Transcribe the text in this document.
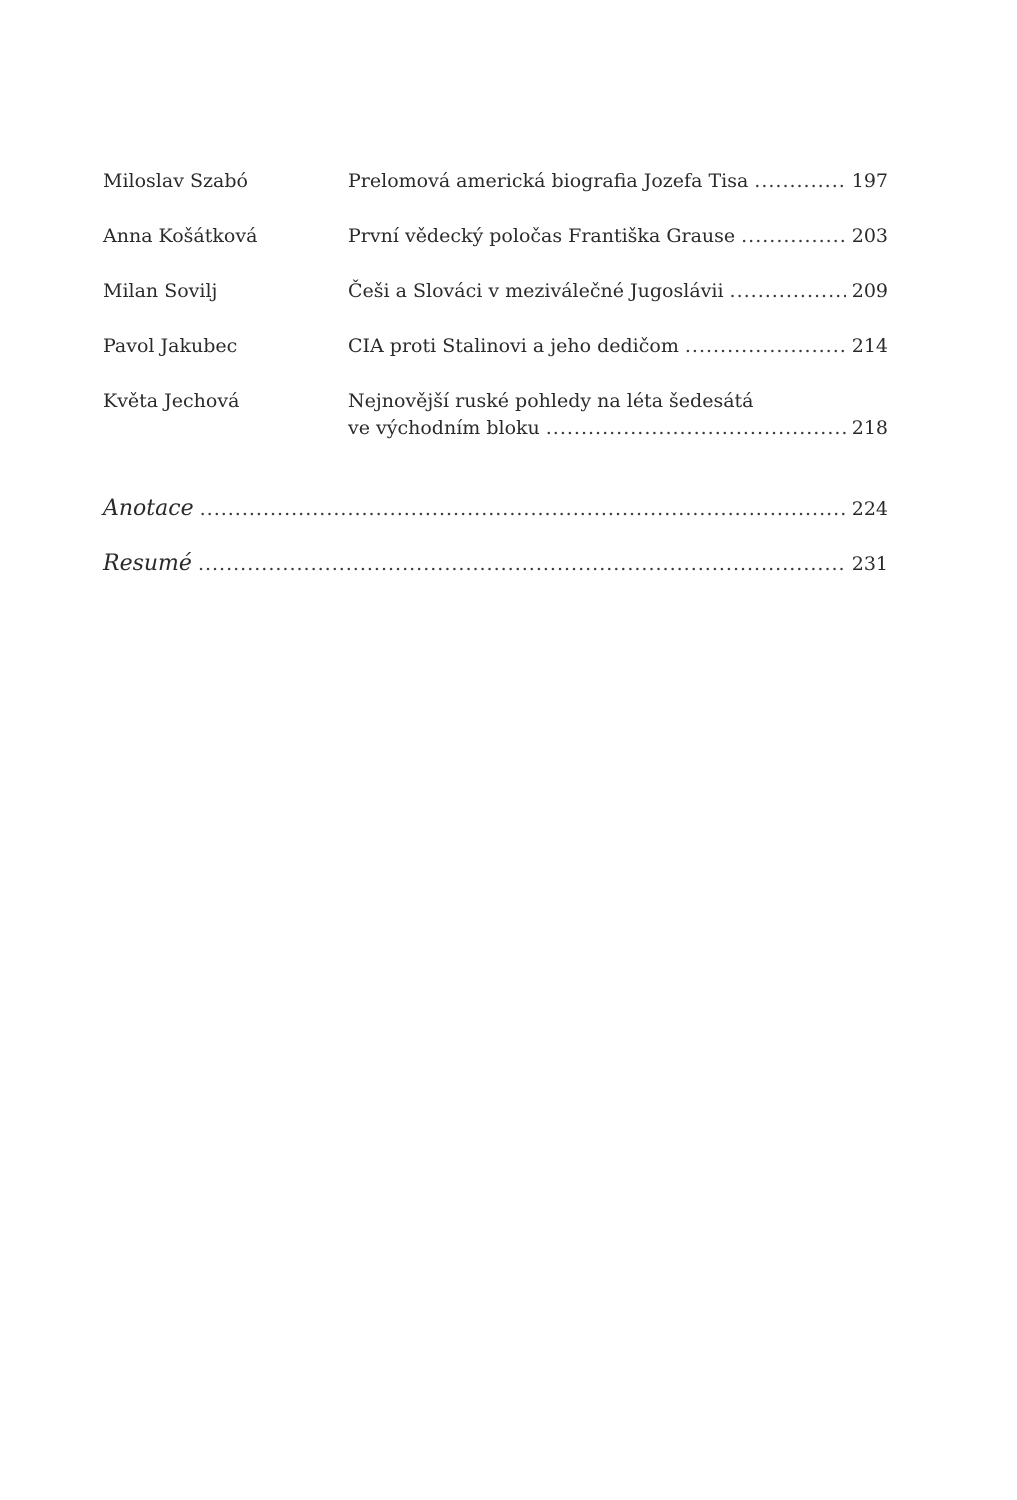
Miloslav Szabó	Prelomová americká biografia Jozefa Tisa .....	197
Anna Košátková	První vědecký poločas Františka Grause .....	203
Milan Sovilj	Češi a Slováci v meziválečné Jugoslávii .....	209
Pavol Jakubec	CIA proti Stalinovi a jeho dedičom .....	214
Květa Jechová	Nejnovější ruské pohledy na léta šedesátá
ve východním bloku .....	218
Anotace .....	224
Resumé .....	231
